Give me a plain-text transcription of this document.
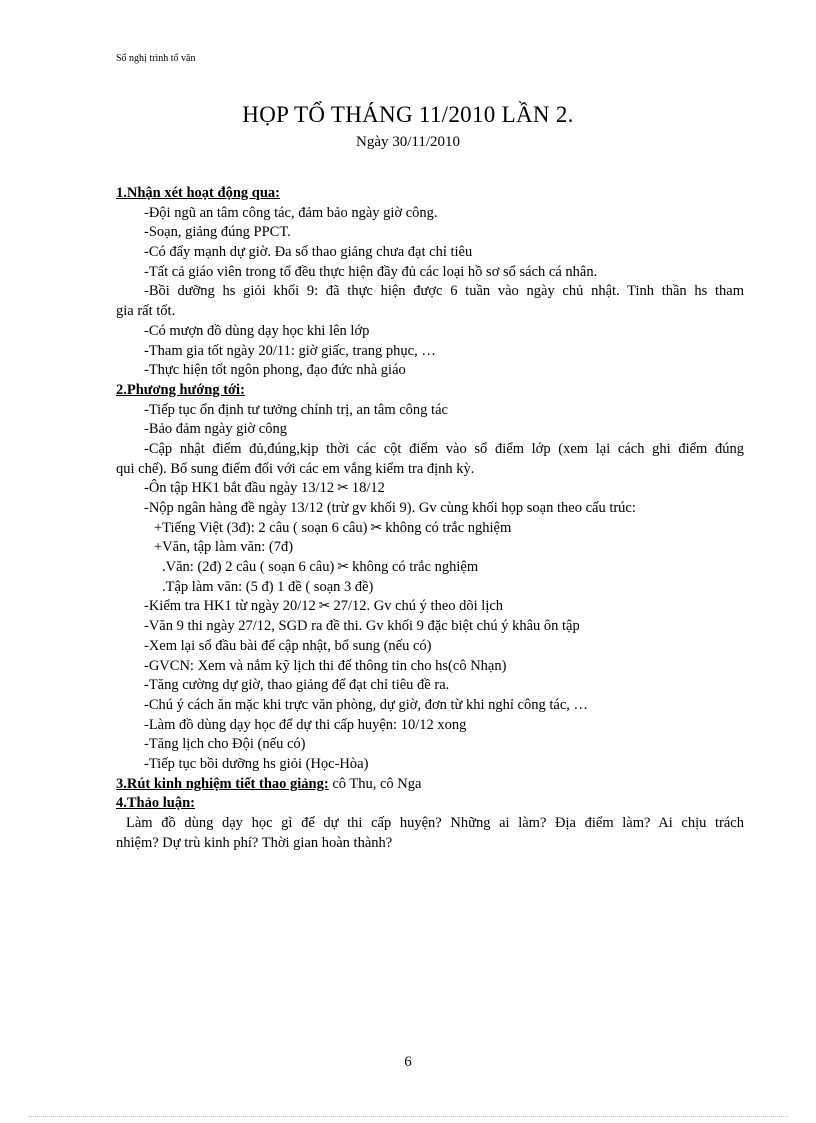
Sổ nghị trình tổ văn
HỌP TỔ THÁNG 11/2010 LẦN 2.
Ngày 30/11/2010
1.Nhận xét hoạt động qua:
-Đội ngũ an tâm công tác, đảm bảo ngày giờ công.
-Soạn, giảng đúng PPCT.
-Có đẩy mạnh dự giờ. Đa số thao giảng chưa đạt chỉ tiêu
-Tất cả giáo viên trong tổ đều thực hiện đầy đủ các loại hồ sơ sổ sách cá nhân.
-Bồi dưỡng hs giỏi khối 9: đã thực hiện được 6 tuần vào ngày chủ nhật. Tinh thần hs tham
gia rất tốt.
-Có mượn đồ dùng dạy học khi lên lớp
-Tham gia tốt ngày 20/11: giờ giấc, trang phục, …
-Thực hiện tốt ngôn phong, đạo đức nhà giáo
2.Phương hướng tới:
-Tiếp tục ổn định tư tưởng chính trị, an tâm công tác
-Bảo đảm ngày giờ công
-Cập nhật điểm đủ,đúng,kịp thời các cột điểm vào sổ điểm lớp (xem lại cách ghi điểm đúng
qui chế). Bổ sung điểm đối với các em vắng kiểm tra định kỳ.
-Ôn tập HK1 bắt đầu ngày 13/12 ✂ 18/12
-Nộp ngân hàng đề ngày 13/12 (trừ gv khối 9). Gv cùng khối họp soạn theo cấu trúc:
+Tiếng Việt (3đ): 2 câu ( soạn 6 câu) ✂ không có trắc nghiệm
+Văn, tập làm văn: (7đ)
.Văn: (2đ) 2 câu ( soạn 6 câu) ✂ không có trắc nghiệm
.Tập làm văn: (5 đ) 1 đề ( soạn 3 đề)
-Kiểm tra HK1 từ ngày 20/12 ✂ 27/12. Gv chú ý theo dõi lịch
-Văn 9 thi ngày 27/12, SGD ra đề thi. Gv khối 9 đặc biệt chú ý khâu ôn tập
-Xem lại sổ đầu bài để cập nhật, bổ sung (nếu có)
-GVCN: Xem và nắm kỹ lịch thi để thông tin cho hs(cô Nhạn)
-Tăng cường dự giờ, thao giảng để đạt chỉ tiêu đề ra.
-Chú ý cách ăn mặc khi trực văn phòng, dự giờ, đơn từ khi nghỉ công tác, …
-Làm đồ dùng dạy học để dự thi cấp huyện: 10/12 xong
-Tăng lịch cho Đội (nếu có)
-Tiếp tục bồi dưỡng hs giỏi (Học-Hòa)
3.Rút kinh nghiệm tiết thao giảng: cô Thu, cô Nga
4.Thảo luận:
Làm đồ dùng dạy học gì để dự thi cấp huyện? Những ai làm? Địa điểm làm? Ai chịu trách
nhiệm? Dự trù kinh phí? Thời gian hoàn thành?
6
